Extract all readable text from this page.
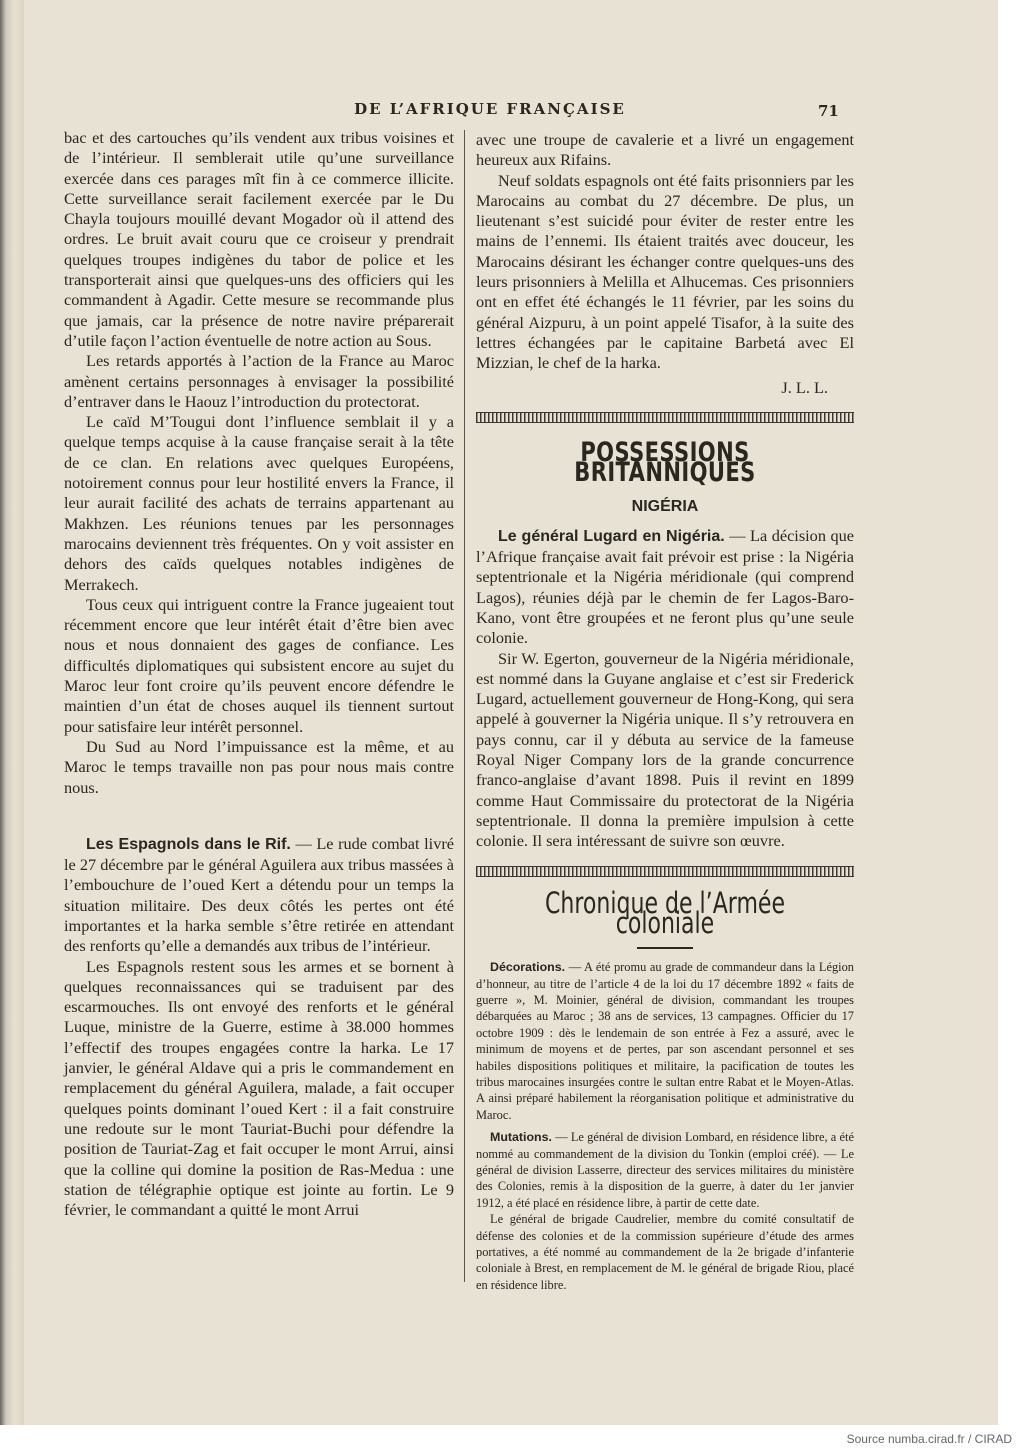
DE L’AFRIQUE FRANÇAISE	71

bac et des cartouches qu’ils vendent aux tribus voisines et de l’intérieur. Il semblerait utile qu’une surveillance exercée dans ces parages mît fin à ce commerce illicite. Cette surveillance serait facilement exercée par le Du Chayla toujours mouillé devant Mogador où il attend des ordres. Le bruit avait couru que ce croiseur y prendrait quelques troupes indigènes du tabor de police et les transporterait ainsi que quelques-uns des officiers qui les commandent à Agadir. Cette mesure se recommande plus que jamais, car la présence de notre navire préparerait d’utile façon l’action éventuelle de notre action au Sous.

Les retards apportés à l’action de la France au Maroc amènent certains personnages à envisager la possibilité d’entraver dans le Haouz l’introduction du protectorat.

Le caïd M’Tougui dont l’influence semblait il y a quelque temps acquise à la cause française serait à la tête de ce clan. En relations avec quelques Européens, notoirement connus pour leur hostilité envers la France, il leur aurait facilité des achats de terrains appartenant au Makhzen. Les réunions tenues par les personnages marocains deviennent très fréquentes. On y voit assister en dehors des caïds quelques notables indigènes de Merrakech.

Tous ceux qui intriguent contre la France jugeaient tout récemment encore que leur intérêt était d’être bien avec nous et nous donnaient des gages de confiance. Les difficultés diplomatiques qui subsistent encore au sujet du Maroc leur font croire qu’ils peuvent encore défendre le maintien d’un état de choses auquel ils tiennent surtout pour satisfaire leur intérêt personnel.

Du Sud au Nord l’impuissance est la même, et au Maroc le temps travaille non pas pour nous mais contre nous.

Les Espagnols dans le Rif. — Le rude combat livré le 27 décembre par le général Aguilera aux tribus massées à l’embouchure de l’oued Kert a détendu pour un temps la situation militaire. Des deux côtés les pertes ont été importantes et la harka semble s’être retirée en attendant des renforts qu’elle a demandés aux tribus de l’intérieur.

Les Espagnols restent sous les armes et se bornent à quelques reconnaissances qui se traduisent par des escarmouches. Ils ont envoyé des renforts et le général Luque, ministre de la Guerre, estime à 38.000 hommes l’effectif des troupes engagées contre la harka. Le 17 janvier, le général Aldave qui a pris le commandement en remplacement du général Aguilera, malade, a fait occuper quelques points dominant l’oued Kert : il a fait construire une redoute sur le mont Tauriat-Buchi pour défendre la position de Tauriat-Zag et fait occuper le mont Arrui, ainsi que la colline qui domine la position de Ras-Medua : une station de télégraphie optique est jointe au fortin. Le 9 février, le commandant a quitté le mont Arrui

avec une troupe de cavalerie et a livré un engagement heureux aux Rifains.

Neuf soldats espagnols ont été faits prisonniers par les Marocains au combat du 27 décembre. De plus, un lieutenant s’est suicidé pour éviter de rester entre les mains de l’ennemi. Ils étaient traités avec douceur, les Marocains désirant les échanger contre quelques-uns des leurs prisonniers à Melilla et Alhucemas. Ces prisonniers ont en effet été échangés le 11 février, par les soins du général Aizpuru, à un point appelé Tisafor, à la suite des lettres échangées par le capitaine Barbetá avec El Mizzian, le chef de la harka.

J. L. L.

POSSESSIONS BRITANNIQUES
NIGÉRIA

Le général Lugard en Nigéria. — La décision que l’Afrique française avait fait prévoir est prise : la Nigéria septentrionale et la Nigéria méridionale (qui comprend Lagos), réunies déjà par le chemin de fer Lagos-Baro-Kano, vont être groupées et ne feront plus qu’une seule colonie.

Sir W. Egerton, gouverneur de la Nigéria méridionale, est nommé dans la Guyane anglaise et c’est sir Frederick Lugard, actuellement gouverneur de Hong-Kong, qui sera appelé à gouverner la Nigéria unique. Il s’y retrouvera en pays connu, car il y débuta au service de la fameuse Royal Niger Company lors de la grande concurrence franco-anglaise d’avant 1898. Puis il revint en 1899 comme Haut Commissaire du protectorat de la Nigéria septentrionale. Il donna la première impulsion à cette colonie. Il sera intéressant de suivre son œuvre.

Chronique de l’Armée coloniale

Décorations. — A été promu au grade de commandeur dans la Légion d’honneur, au titre de l’article 4 de la loi du 17 décembre 1892 « faits de guerre », M. Moinier, général de division, commandant les troupes débarquées au Maroc ; 38 ans de services, 13 campagnes. Officier du 17 octobre 1909 : dès le lendemain de son entrée à Fez a assuré, avec le minimum de moyens et de pertes, par son ascendant personnel et ses habiles dispositions politiques et militaire, la pacification de toutes les tribus marocaines insurgées contre le sultan entre Rabat et le Moyen-Atlas. A ainsi préparé habilement la réorganisation politique et administrative du Maroc.

Mutations. — Le général de division Lombard, en résidence libre, a été nommé au commandement de la division du Tonkin (emploi créé). — Le général de division Lasserre, directeur des services militaires du ministère des Colonies, remis à la disposition de la guerre, à dater du 1er janvier 1912, a été placé en résidence libre, à partir de cette date.

Le général de brigade Caudrelier, membre du comité consultatif de défense des colonies et de la commission supérieure d’étude des armes portatives, a été nommé au commandement de la 2e brigade d’infanterie coloniale à Brest, en remplacement de M. le général de brigade Riou, placé en résidence libre.

Source numba.cirad.fr / CIRAD
